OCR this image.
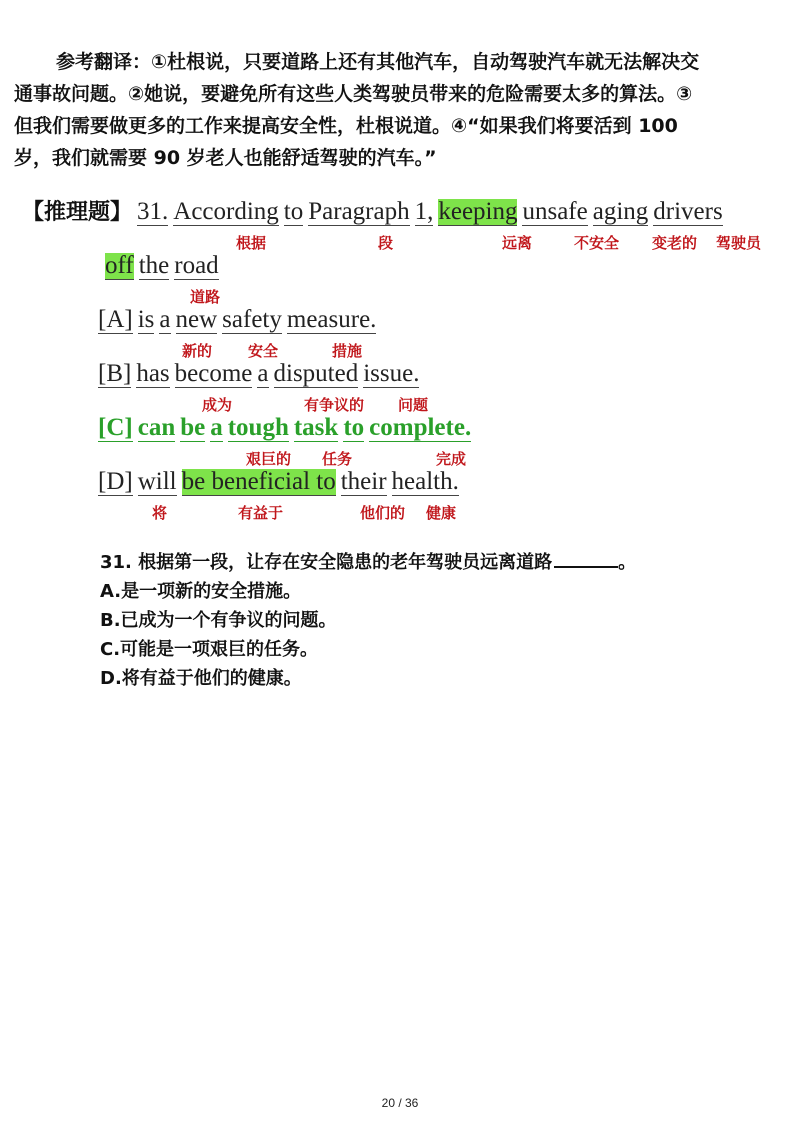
参考翻译：①杜根说，只要道路上还有其他汽车，自动驾驶汽车就无法解决交
通事故问题。②她说，要避免所有这些人类驾驶员带来的危险需要太多的算法。③
但我们需要做更多的工作来提高安全性，杜根说道。④“如果我们将要活到 100
岁，我们就需要 90 岁老人也能舒适驾驶的汽车。”
【推理题】 31. According to Paragraph 1, keeping unsafe aging drivers
根据	段	远离	不安全 变老的 驾驶员
off the road
道路
[A] is a new safety measure.
新的 安全	措施
[B] has become a disputed issue.
成为	有争议的 问题
[C] can be a tough task to complete.
艰巨的 任务	完成
[D] will be beneficial to their health.
将	有益于	他们的 健康
31. 根据第一段，让存在安全隐患的老年驾驶员远离道路	。
A.是一项新的安全措施。
B.已成为一个有争议的问题。
C.可能是一项艰巨的任务。
D.将有益于他们的健康。
20 / 36
